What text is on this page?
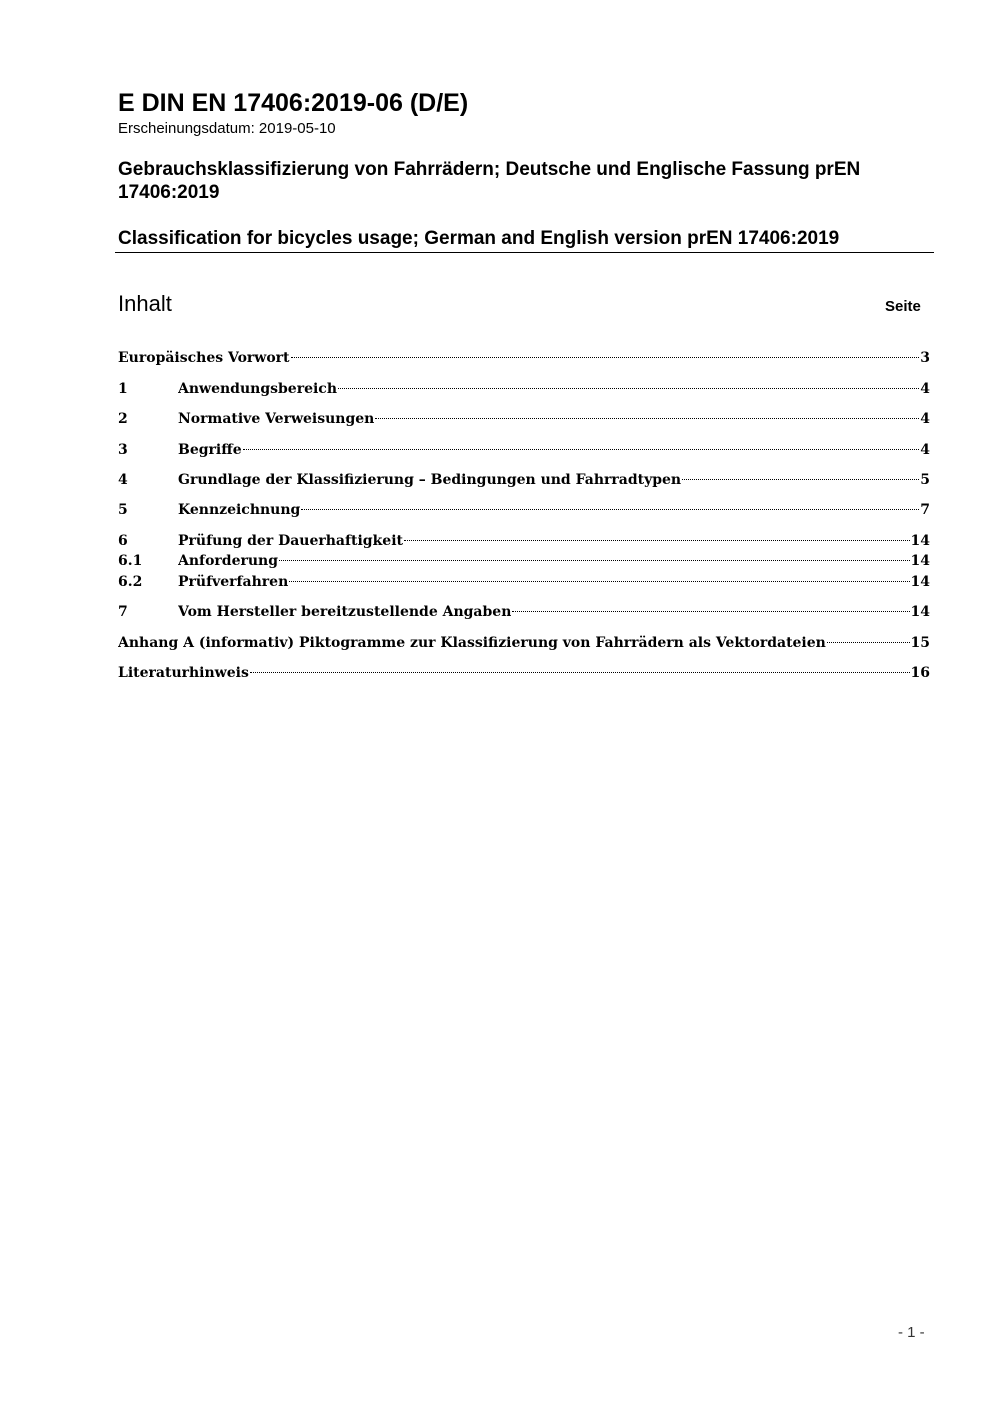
E DIN EN 17406:2019-06 (D/E)
Erscheinungsdatum: 2019-05-10
Gebrauchsklassifizierung von Fahrrädern; Deutsche und Englische Fassung prEN 17406:2019
Classification for bicycles usage; German and English version prEN 17406:2019
Inhalt	Seite
Europäisches Vorwort	3
1	Anwendungsbereich	4
2	Normative Verweisungen	4
3	Begriffe	4
4	Grundlage der Klassifizierung – Bedingungen und Fahrradtypen	5
5	Kennzeichnung	7
6	Prüfung der Dauerhaftigkeit	14
6.1	Anforderung	14
6.2	Prüfverfahren	14
7	Vom Hersteller bereitzustellende Angaben	14
Anhang A (informativ) Piktogramme zur Klassifizierung von Fahrrädern als Vektordateien	15
Literaturhinweis	16
- 1 -
